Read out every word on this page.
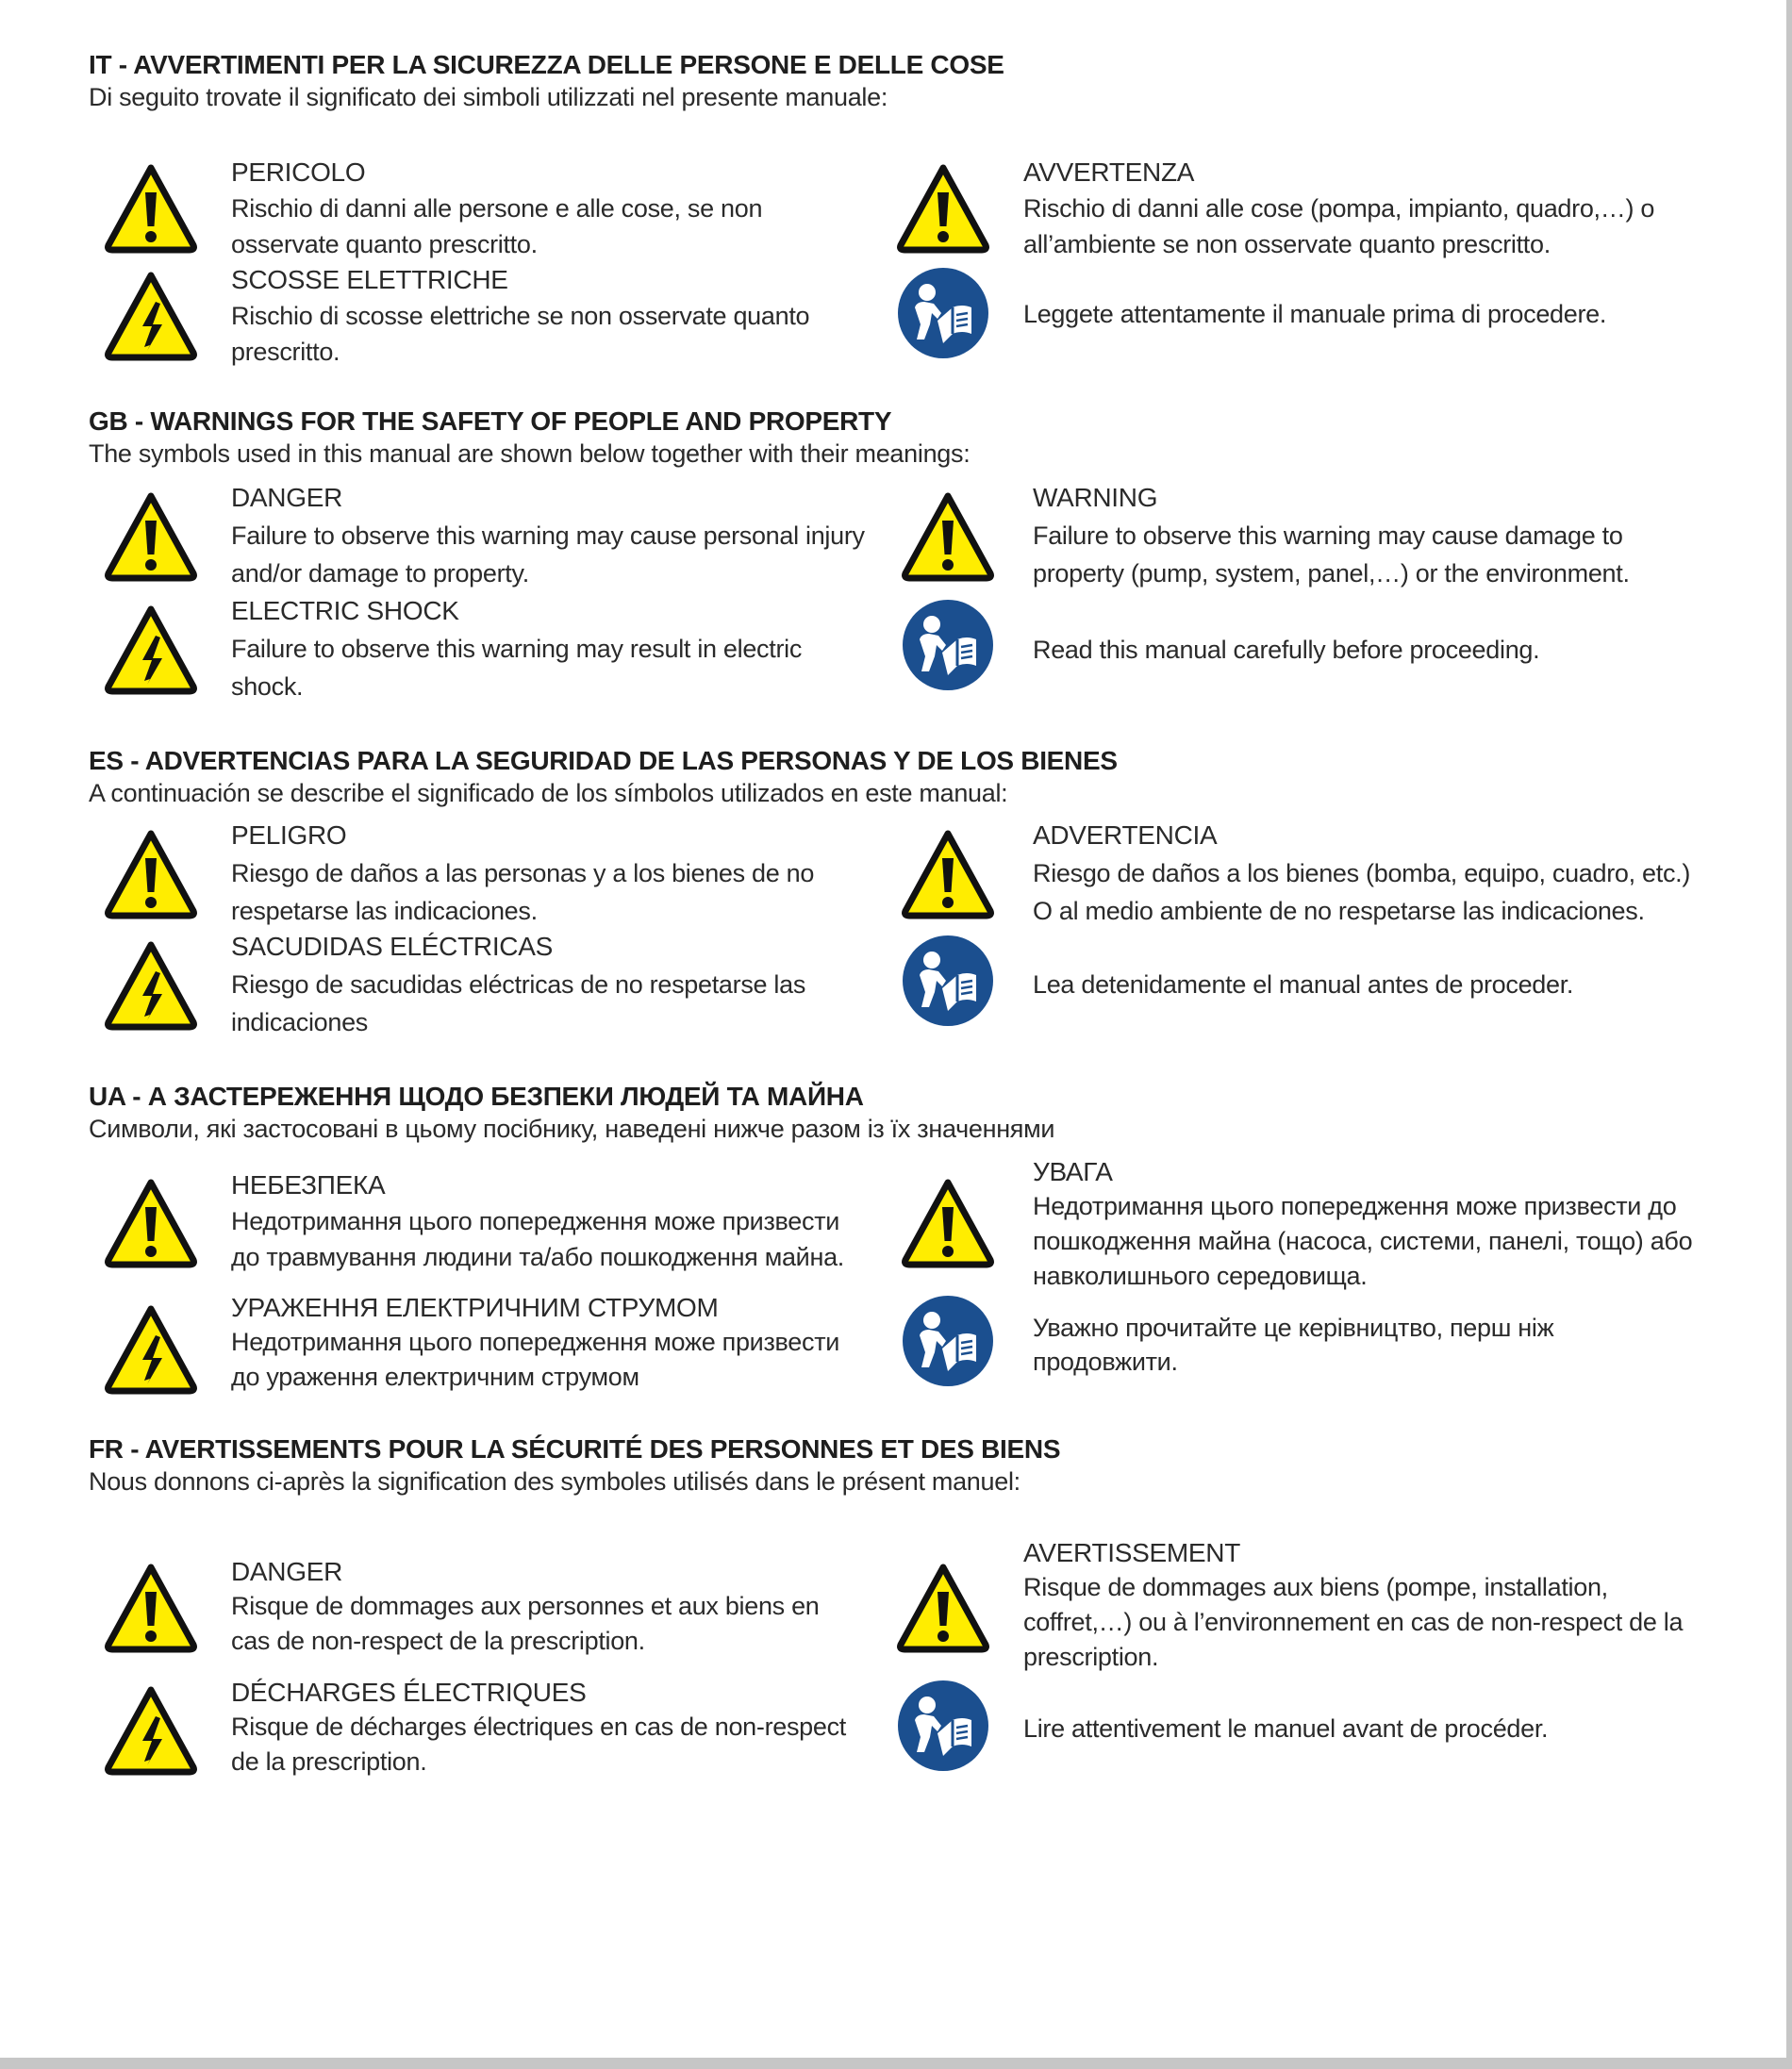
IT - AVVERTIMENTI PER LA SICUREZZA DELLE PERSONE E DELLE COSE
Di seguito trovate il significato dei simboli utilizzati nel presente manuale:
PERICOLO
Rischio di danni alle persone e alle cose, se non osservate quanto prescritto.
AVVERTENZA
Rischio di danni alle cose (pompa, impianto, quadro,…) o all’ambiente se non osservate quanto prescritto.
SCOSSE ELETTRICHE
Rischio di scosse elettriche se non osservate quanto prescritto.
Leggete attentamente il manuale prima di procedere.
GB - WARNINGS FOR THE SAFETY OF PEOPLE AND PROPERTY
The symbols used in this manual are shown below together with their meanings:
DANGER
Failure to observe this warning may cause personal injury and/or damage to property.
WARNING
Failure to observe this warning may cause damage to property (pump, system, panel,…) or the environment.
ELECTRIC SHOCK
Failure to observe this warning may result in electric shock.
Read this manual carefully before proceeding.
ES - ADVERTENCIAS PARA LA SEGURIDAD DE LAS PERSONAS Y DE LOS BIENES
A continuación se describe el significado de los símbolos utilizados en este manual:
PELIGRO
Riesgo de daños a las personas y a los bienes de no respetarse las indicaciones.
ADVERTENCIA
Riesgo de daños a los bienes (bomba, equipo, cuadro, etc.) O al medio ambiente de no respetarse las indicaciones.
SACUDIDAS ELÉCTRICAS
Riesgo de sacudidas eléctricas de no respetarse las indicaciones
Lea detenidamente el manual antes de proceder.
UA - А ЗАСТЕРЕЖЕННЯ ЩОДО БЕЗПЕКИ ЛЮДЕЙ ТА МАЙНА
Символи, які застосовані в цьому посібнику, наведені нижче разом із їх значеннями
НЕБЕЗПЕКА
Недотримання цього попередження може призвести до травмування людини та/або пошкодження майна.
УВАГА
Недотримання цього попередження може призвести до пошкодження майна (насоса, системи, панелі, тощо) або навколишнього середовища.
УРАЖЕННЯ ЕЛЕКТРИЧНИМ СТРУМОМ
Недотримання цього попередження може призвести до ураження електричним струмом
Уважно прочитайте це керівництво, перш ніж продовжити.
FR - AVERTISSEMENTS POUR LA SÉCURITÉ DES PERSONNES ET DES BIENS
Nous donnons ci-après la signification des symboles utilisés dans le présent manuel:
DANGER
Risque de dommages aux personnes et aux biens en cas de non-respect de la prescription.
AVERTISSEMENT
Risque de dommages aux biens (pompe, installation, coffret,…) ou à l’environnement en cas de non-respect de la prescription.
DÉCHARGES ÉLECTRIQUES
Risque de décharges électriques en cas de non-respect de la prescription.
Lire attentivement le manuel avant de procéder.
